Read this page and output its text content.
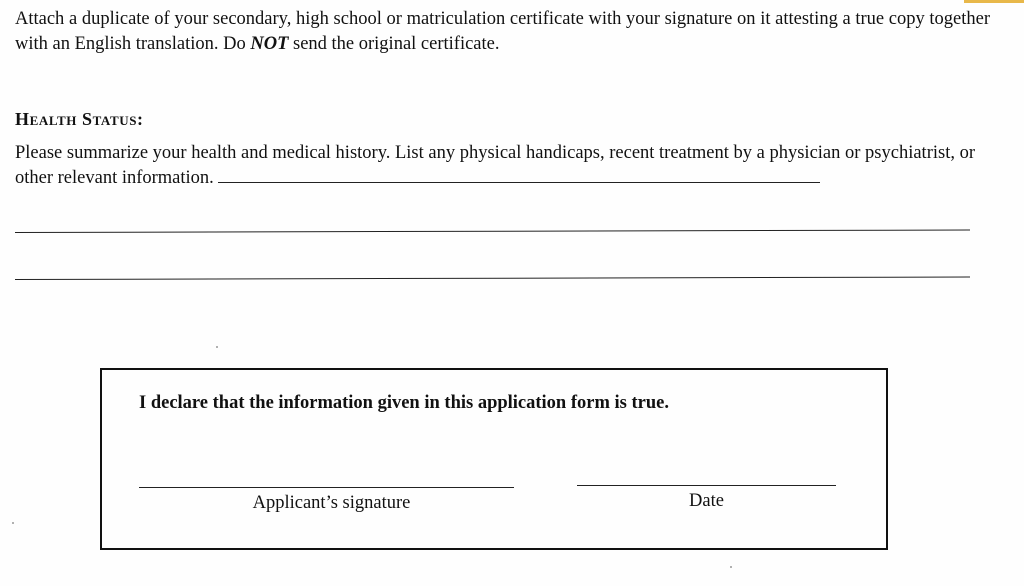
Attach a duplicate of your secondary, high school or matriculation certificate with your signature on it attesting a true copy together with an English translation. Do NOT send the original certificate.

Health Status:

Please summarize your health and medical history. List any physical handicaps, recent treatment by a physician or psychiatrist, or other relevant information.

I declare that the information given in this application form is true.

Applicant’s signature	Date
